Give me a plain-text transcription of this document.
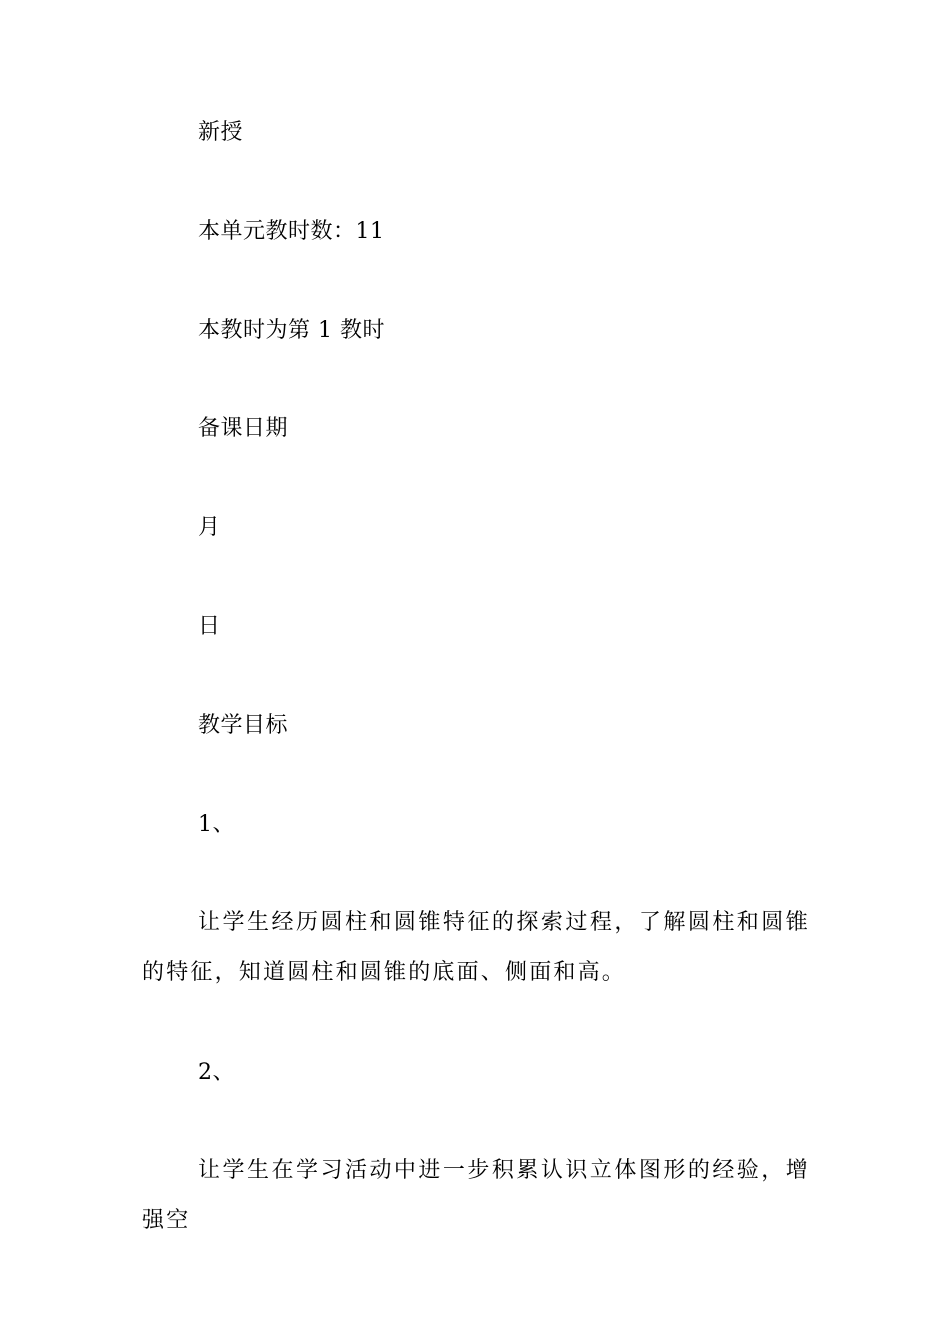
新授
本单元教时数：11
本教时为第 1 教时
备课日期
月
日
教学目标
1、
让学生经历圆柱和圆锥特征的探索过程，了解圆柱和圆锥的特征，知道圆柱和圆锥的底面、侧面和高。
2、
让学生在学习活动中进一步积累认识立体图形的经验，增强空
